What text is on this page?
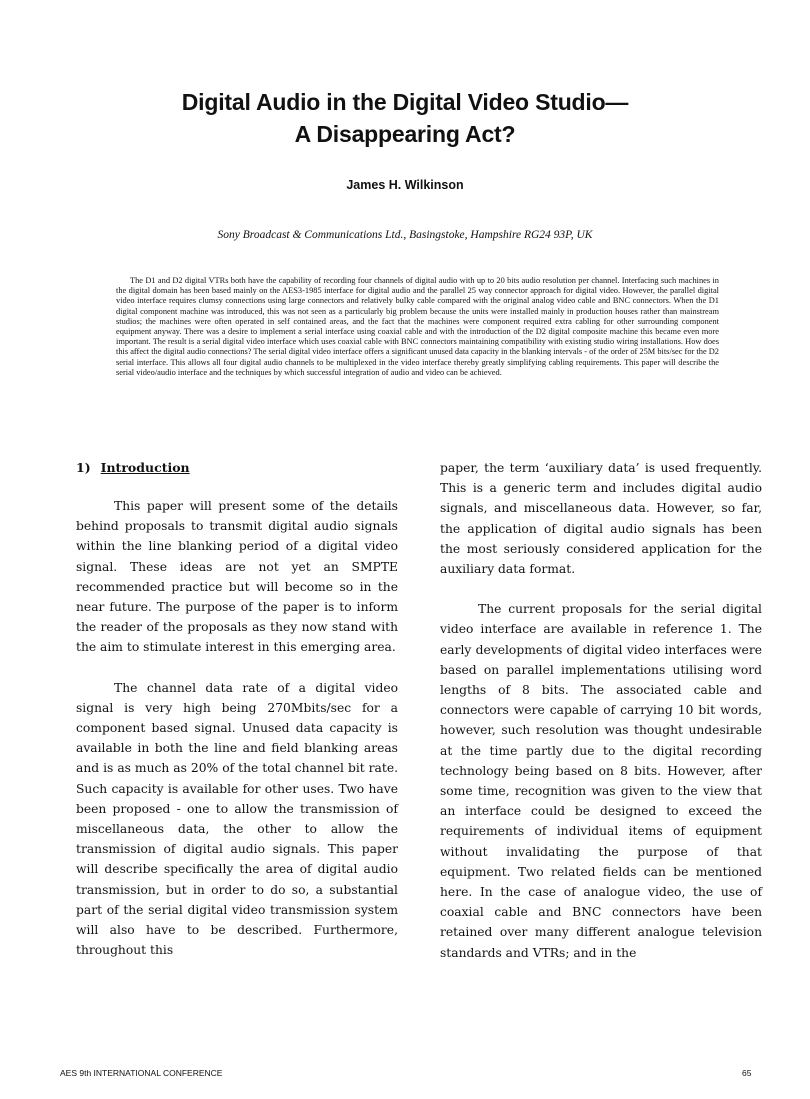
Digital Audio in the Digital Video Studio—
A Disappearing Act?
James H. Wilkinson
Sony Broadcast & Communications Ltd., Basingstoke, Hampshire RG24 93P, UK
The D1 and D2 digital VTRs both have the capability of recording four channels of digital audio with up to 20 bits audio resolution per channel. Interfacing such machines in the digital domain has been based mainly on the AES3-1985 interface for digital audio and the parallel 25 way connector approach for digital video. However, the parallel digital video interface requires clumsy connections using large connectors and relatively bulky cable compared with the original analog video cable and BNC connectors. When the D1 digital component machine was introduced, this was not seen as a particularly big problem because the units were installed mainly in production houses rather than mainstream studios; the machines were often operated in self contained areas, and the fact that the machines were component required extra cabling for other surrounding component equipment anyway. There was a desire to implement a serial interface using coaxial cable and with the introduction of the D2 digital composite machine this became even more important. The result is a serial digital video interface which uses coaxial cable with BNC connectors maintaining compatibility with existing studio wiring installations. How does this affect the digital audio connections? The serial digital video interface offers a significant unused data capacity in the blanking intervals - of the order of 25M bits/sec for the D2 serial interface. This allows all four digital audio channels to be multiplexed in the video interface thereby greatly simplifying cabling requirements. This paper will describe the serial video/audio interface and the techniques by which successful integration of audio and video can be achieved.
1) Introduction

This paper will present some of the details behind proposals to transmit digital audio signals within the line blanking period of a digital video signal. These ideas are not yet an SMPTE recommended practice but will become so in the near future. The purpose of the paper is to inform the reader of the proposals as they now stand with the aim to stimulate interest in this emerging area.

The channel data rate of a digital video signal is very high being 270Mbits/sec for a component based signal. Unused data capacity is available in both the line and field blanking areas and is as much as 20% of the total channel bit rate. Such capacity is available for other uses. Two have been proposed - one to allow the transmission of miscellaneous data, the other to allow the transmission of digital audio signals. This paper will describe specifically the area of digital audio transmission, but in order to do so, a substantial part of the serial digital video transmission system will also have to be described. Furthermore, throughout this

paper, the term ‘auxiliary data’ is used frequently. This is a generic term and includes digital audio signals, and miscellaneous data. However, so far, the application of digital audio signals has been the most seriously considered application for the auxiliary data format.

The current proposals for the serial digital video interface are available in reference 1. The early developments of digital video interfaces were based on parallel implementations utilising word lengths of 8 bits. The associated cable and connectors were capable of carrying 10 bit words, however, such resolution was thought undesirable at the time partly due to the digital recording technology being based on 8 bits. However, after some time, recognition was given to the view that an interface could be designed to exceed the requirements of individual items of equipment without invalidating the purpose of that equipment. Two related fields can be mentioned here. In the case of analogue video, the use of coaxial cable and BNC connectors have been retained over many different analogue television standards and VTRs; and in the

AES 9th INTERNATIONAL CONFERENCE	65
